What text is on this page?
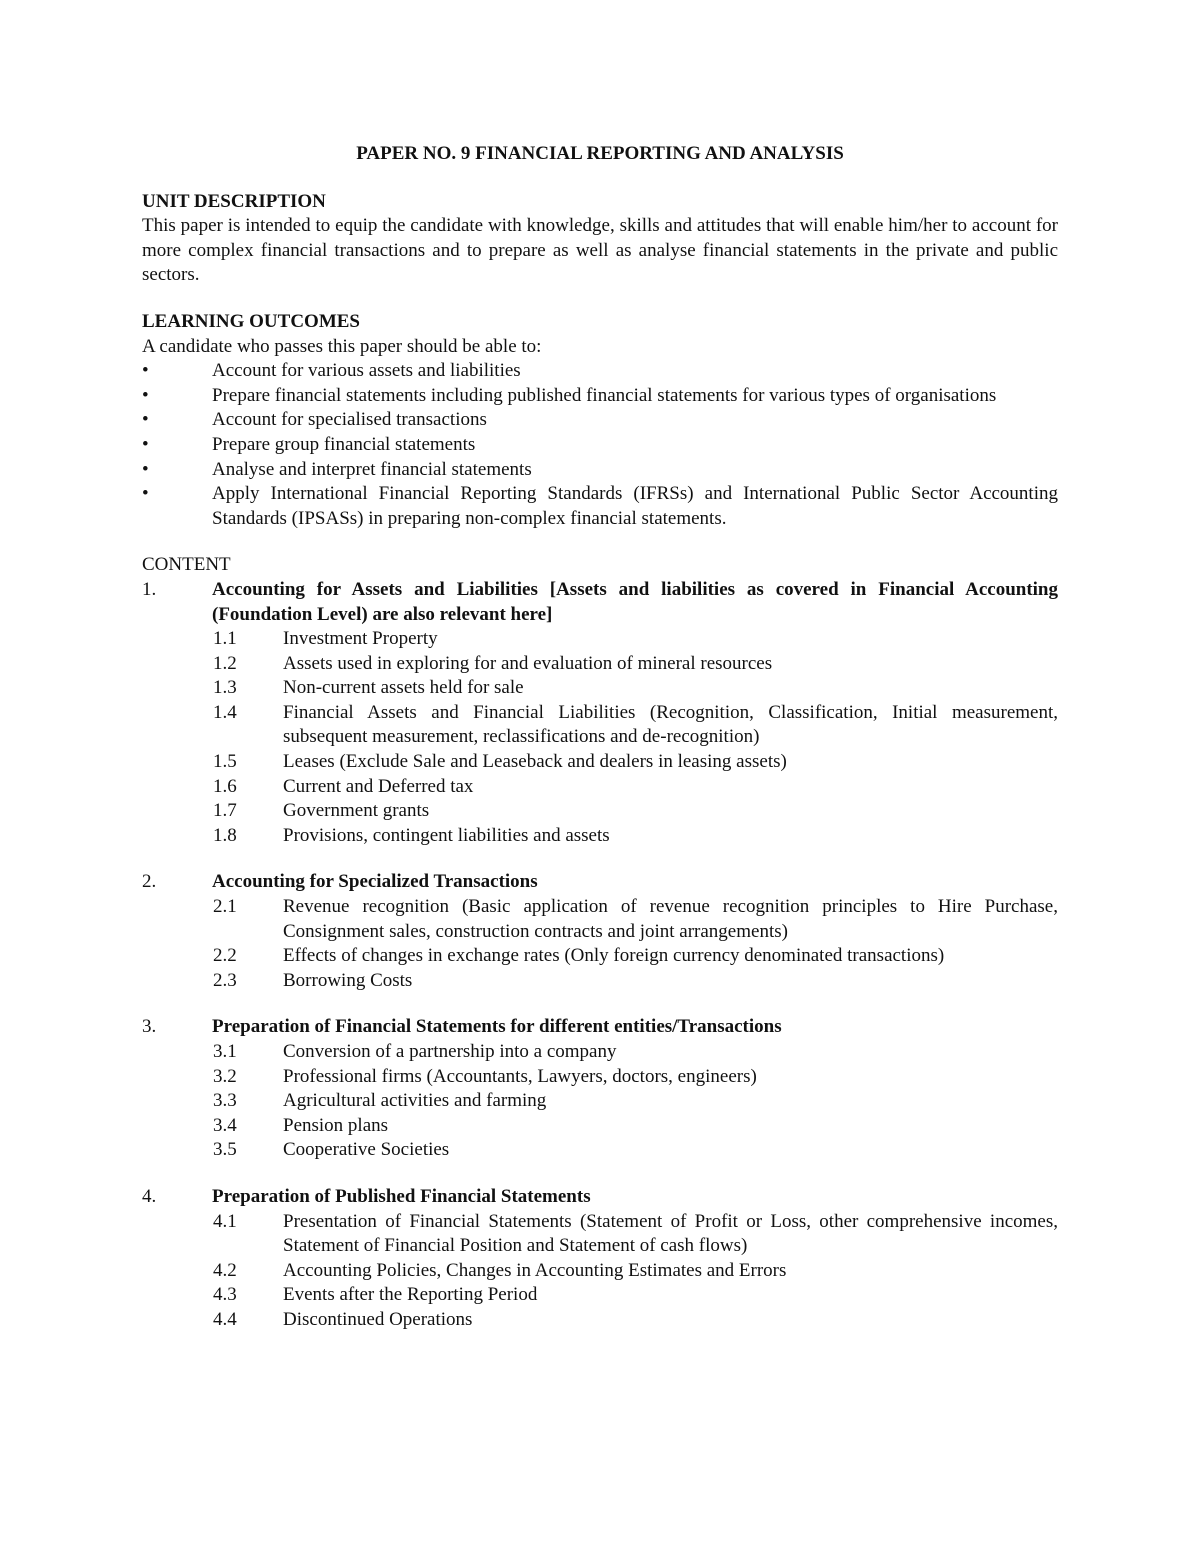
PAPER NO. 9 FINANCIAL REPORTING AND ANALYSIS

UNIT DESCRIPTION

This paper is intended to equip the candidate with knowledge, skills and attitudes that will enable him/her to account for more complex financial transactions and to prepare as well as analyse financial statements in the private and public sectors.

LEARNING OUTCOMES

A candidate who passes this paper should be able to:

•	Account for various assets and liabilities
•	Prepare financial statements including published financial statements for various types of organisations
•	Account for specialised transactions
•	Prepare group financial statements
•	Analyse and interpret financial statements
•	Apply International Financial Reporting Standards (IFRSs) and International Public Sector Accounting Standards (IPSASs) in preparing non-complex financial statements.

CONTENT

1.	Accounting for Assets and Liabilities [Assets and liabilities as covered in Financial Accounting (Foundation Level) are also relevant here]
1.1 Investment Property
1.2 Assets used in exploring for and evaluation of mineral resources
1.3 Non-current assets held for sale
1.4 Financial Assets and Financial Liabilities (Recognition, Classification, Initial measurement, subsequent measurement, reclassifications and de-recognition)
1.5 Leases (Exclude Sale and Leaseback and dealers in leasing assets)
1.6 Current and Deferred tax
1.7 Government grants
1.8 Provisions, contingent liabilities and assets
2.	Accounting for Specialized Transactions
2.1 Revenue recognition (Basic application of revenue recognition principles to Hire Purchase, Consignment sales, construction contracts and joint arrangements)
2.2 Effects of changes in exchange rates (Only foreign currency denominated transactions)
2.3 Borrowing Costs
3.	Preparation of Financial Statements for different entities/Transactions
3.1 Conversion of a partnership into a company
3.2 Professional firms (Accountants, Lawyers, doctors, engineers)
3.3 Agricultural activities and farming
3.4 Pension plans
3.5 Cooperative Societies
4.	Preparation of Published Financial Statements
4.1 Presentation of Financial Statements (Statement of Profit or Loss, other comprehensive incomes, Statement of Financial Position and Statement of cash flows)
4.2 Accounting Policies, Changes in Accounting Estimates and Errors
4.3 Events after the Reporting Period
4.4 Discontinued Operations
